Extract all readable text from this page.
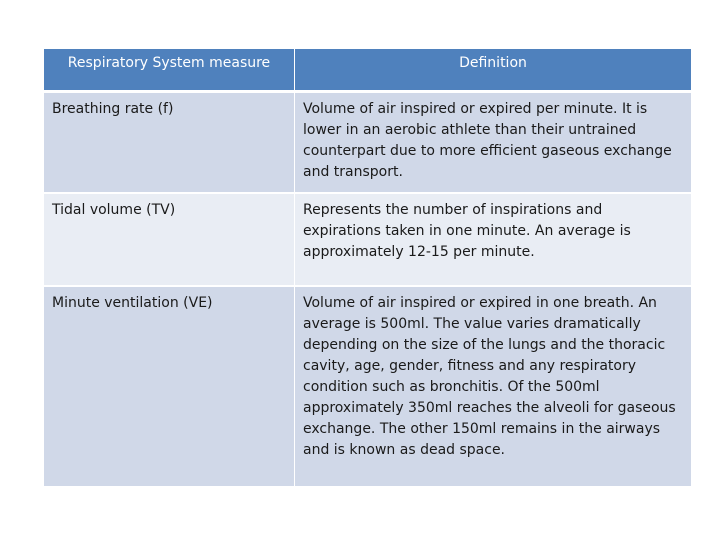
Respiratory System measure	Definition
Breathing rate (f)	Volume of air inspired or expired per minute. It is lower in an aerobic athlete than their untrained counterpart due to more efficient gaseous exchange and transport.
Tidal volume (TV)	Represents the number of inspirations and expirations taken in one minute. An average is approximately 12-15 per minute.
Minute ventilation (VE)	Volume of air inspired or expired in one breath. An average is 500ml. The value varies dramatically depending on the size of the lungs and the thoracic cavity, age, gender, fitness and any respiratory condition such as bronchitis. Of the 500ml approximately 350ml reaches the alveoli for gaseous exchange. The other 150ml remains in the airways and is known as dead space.
